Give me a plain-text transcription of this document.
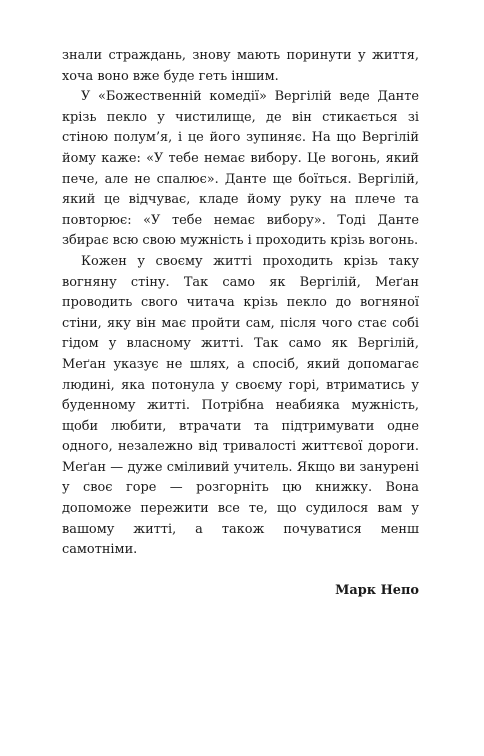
знали страждань, знову мають поринути у життя, хоча воно вже буде геть іншим.

У «Божественній комедії» Вергілій веде Данте крізь пекло у чистилище, де він стикається зі стіною полум’я, і це його зупиняє. На що Вергілій йому каже: «У тебе немає вибору. Це вогонь, який пече, але не спалює». Данте ще боїться. Вергілій, який це відчуває, кладе йому руку на плече та повторює: «У тебе немає вибору». Тоді Данте збирає всю свою мужність і проходить крізь вогонь.

Кожен у своєму житті проходить крізь таку вогняну стіну. Так само як Вергілій, Меґан проводить свого читача крізь пекло до вогняної стіни, яку він має пройти сам, після чого стає собі гідом у власному житті. Так само як Вергілій, Меґан указує не шлях, а спосіб, який допомагає людині, яка потонула у своєму горі, втриматись у буденному житті. Потрібна неабияка мужність, щоби любити, втрачати та підтримувати одне одного, незалежно від тривалості життєвої дороги. Меґан — дуже сміливий учитель. Якщо ви занурені у своє горе — розгорніть цю книжку. Вона допоможе пережити все те, що судилося вам у вашому житті, а також почуватися менш самотніми.

Марк Непо
